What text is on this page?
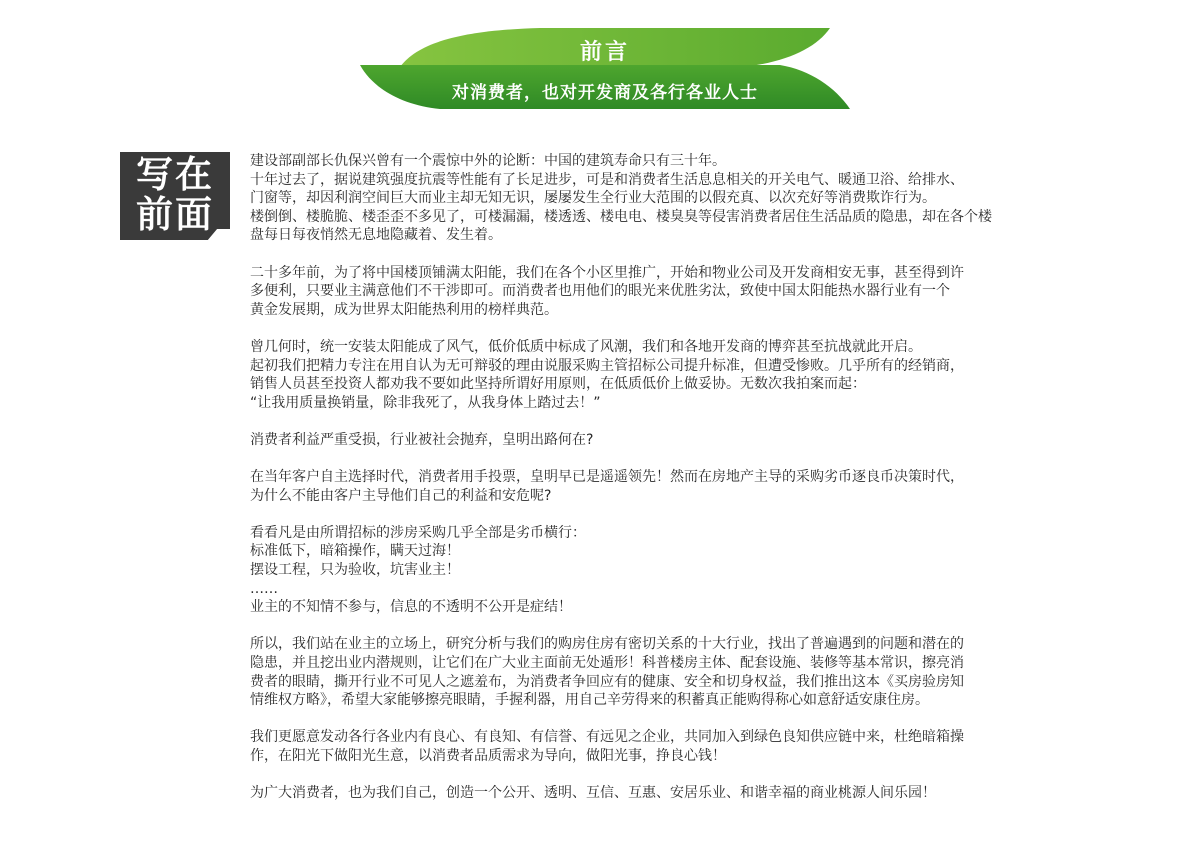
前言
对消费者，也对开发商及各行各业人士
写在
前面
建设部副部长仇保兴曾有一个震惊中外的论断：中国的建筑寿命只有三十年。
十年过去了，据说建筑强度抗震等性能有了长足进步，可是和消费者生活息息相关的开关电气、暖通卫浴、给排水、
门窗等，却因利润空间巨大而业主却无知无识，屡屡发生全行业大范围的以假充真、以次充好等消费欺诈行为。
楼倒倒、楼脆脆、楼歪歪不多见了，可楼漏漏，楼透透、楼电电、楼臭臭等侵害消费者居住生活品质的隐患，却在各个楼
盘每日每夜悄然无息地隐藏着、发生着。
二十多年前，为了将中国楼顶铺满太阳能，我们在各个小区里推广，开始和物业公司及开发商相安无事，甚至得到许
多便利，只要业主满意他们不干涉即可。而消费者也用他们的眼光来优胜劣汰，致使中国太阳能热水器行业有一个
黄金发展期，成为世界太阳能热利用的榜样典范。
曾几何时，统一安装太阳能成了风气，低价低质中标成了风潮，我们和各地开发商的博弈甚至抗战就此开启。
起初我们把精力专注在用自认为无可辩驳的理由说服采购主管招标公司提升标准，但遭受惨败。几乎所有的经销商，
销售人员甚至投资人都劝我不要如此坚持所谓好用原则，在低质低价上做妥协。无数次我拍案而起：
“让我用质量换销量，除非我死了，从我身体上踏过去！”
消费者利益严重受损，行业被社会抛弃，皇明出路何在?
在当年客户自主选择时代，消费者用手投票，皇明早已是遥遥领先！然而在房地产主导的采购劣币逐良币决策时代，
为什么不能由客户主导他们自己的利益和安危呢?
看看凡是由所谓招标的涉房采购几乎全部是劣币横行：
标准低下，暗箱操作，瞒天过海！
摆设工程，只为验收，坑害业主！
……
业主的不知情不参与，信息的不透明不公开是症结！
所以，我们站在业主的立场上，研究分析与我们的购房住房有密切关系的十大行业，找出了普遍遇到的问题和潜在的
隐患，并且挖出业内潜规则，让它们在广大业主面前无处遁形！科普楼房主体、配套设施、装修等基本常识，擦亮消
费者的眼睛，撕开行业不可见人之遮羞布，为消费者争回应有的健康、安全和切身权益，我们推出这本《买房验房知
情维权方略》，希望大家能够擦亮眼睛，手握利器，用自己辛劳得来的积蓄真正能购得称心如意舒适安康住房。
我们更愿意发动各行各业内有良心、有良知、有信誉、有远见之企业，共同加入到绿色良知供应链中来，杜绝暗箱操
作，在阳光下做阳光生意，以消费者品质需求为导向，做阳光事，挣良心钱！
为广大消费者，也为我们自己，创造一个公开、透明、互信、互惠、安居乐业、和谐幸福的商业桃源人间乐园！
